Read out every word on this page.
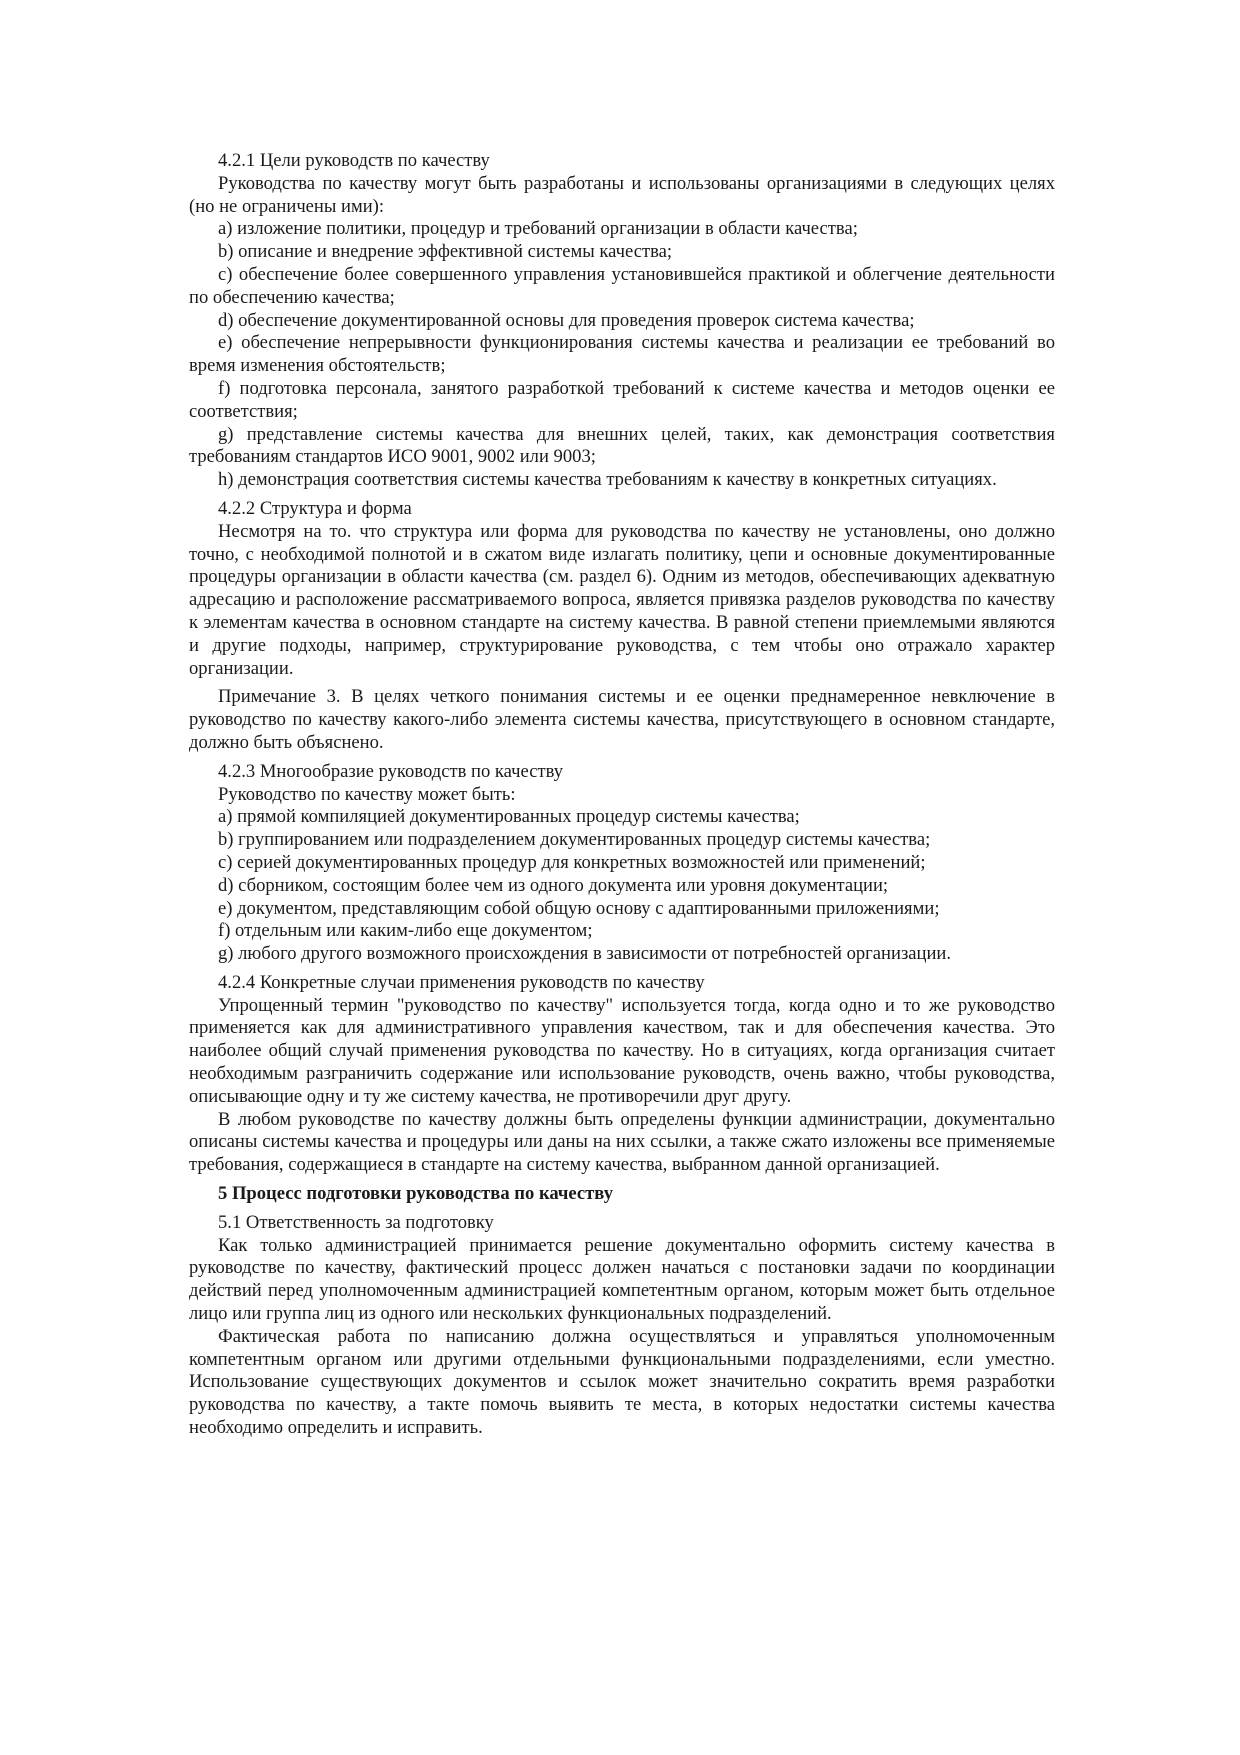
4.2.1 Цели руководств по качеству

Руководства по качеству могут быть разработаны и использованы организациями в следующих целях (но не ограничены ими):

a) изложение политики, процедур и требований организации в области качества;

b) описание и внедрение эффективной системы качества;

c) обеспечение более совершенного управления установившейся практикой и облегчение деятельности по обеспечению качества;

d) обеспечение документированной основы для проведения проверок система качества;

e) обеспечение непрерывности функционирования системы качества и реализации ее требований во время изменения обстоятельств;

f) подготовка персонала, занятого разработкой требований к системе качества и методов оценки ее соответствия;

g) представление системы качества для внешних целей, таких, как демонстрация соответствия требованиям стандартов ИСО 9001, 9002 или 9003;

h) демонстрация соответствия системы качества требованиям к качеству в конкретных ситуациях.

4.2.2 Структура и форма

Несмотря на то. что структура или форма для руководства по качеству не установлены, оно должно точно, с необходимой полнотой и в сжатом виде излагать политику, цепи и основные документированные процедуры организации в области качества (см. раздел 6). Одним из методов, обеспечивающих адекватную адресацию и расположение рассматриваемого вопроса, является привязка разделов руководства по качеству к элементам качества в основном стандарте на систему качества. В равной степени приемлемыми являются и другие подходы, например, структурирование руководства, с тем чтобы оно отражало характер организации.

Примечание 3. В целях четкого понимания системы и ее оценки преднамеренное невключение в руководство по качеству какого-либо элемента системы качества, присутствующего в основном стандарте, должно быть объяснено.

4.2.3 Многообразие руководств по качеству

Руководство по качеству может быть:

a) прямой компиляцией документированных процедур системы качества;

b) группированием или подразделением документированных процедур системы качества;

c) серией документированных процедур для конкретных возможностей или применений;

d) сборником, состоящим более чем из одного документа или уровня документации;

e) документом, представляющим собой общую основу с адаптированными приложениями;

f) отдельным или каким-либо еще документом;

g) любого другого возможного происхождения в зависимости от потребностей организации.

4.2.4 Конкретные случаи применения руководств по качеству

Упрощенный термин "руководство по качеству" используется тогда, когда одно и то же руководство применяется как для административного управления качеством, так и для обеспечения качества. Это наиболее общий случай применения руководства по качеству. Но в ситуациях, когда организация считает необходимым разграничить содержание или использование руководств, очень важно, чтобы руководства, описывающие одну и ту же систему качества, не противоречили друг другу.

В любом руководстве по качеству должны быть определены функции администрации, документально описаны системы качества и процедуры или даны на них ссылки, а также сжато изложены все применяемые требования, содержащиеся в стандарте на систему качества, выбранном данной организацией.

5 Процесс подготовки руководства по качеству

5.1 Ответственность за подготовку

Как только администрацией принимается решение документально оформить систему качества в руководстве по качеству, фактический процесс должен начаться с постановки задачи по координации действий перед уполномоченным администрацией компетентным органом, которым может быть отдельное лицо или группа лиц из одного или нескольких функциональных подразделений.

Фактическая работа по написанию должна осуществляться и управляться уполномоченным компетентным органом или другими отдельными функциональными подразделениями, если уместно. Использование существующих документов и ссылок может значительно сократить время разработки руководства по качеству, а такте помочь выявить те места, в которых недостатки системы качества необходимо определить и исправить.
